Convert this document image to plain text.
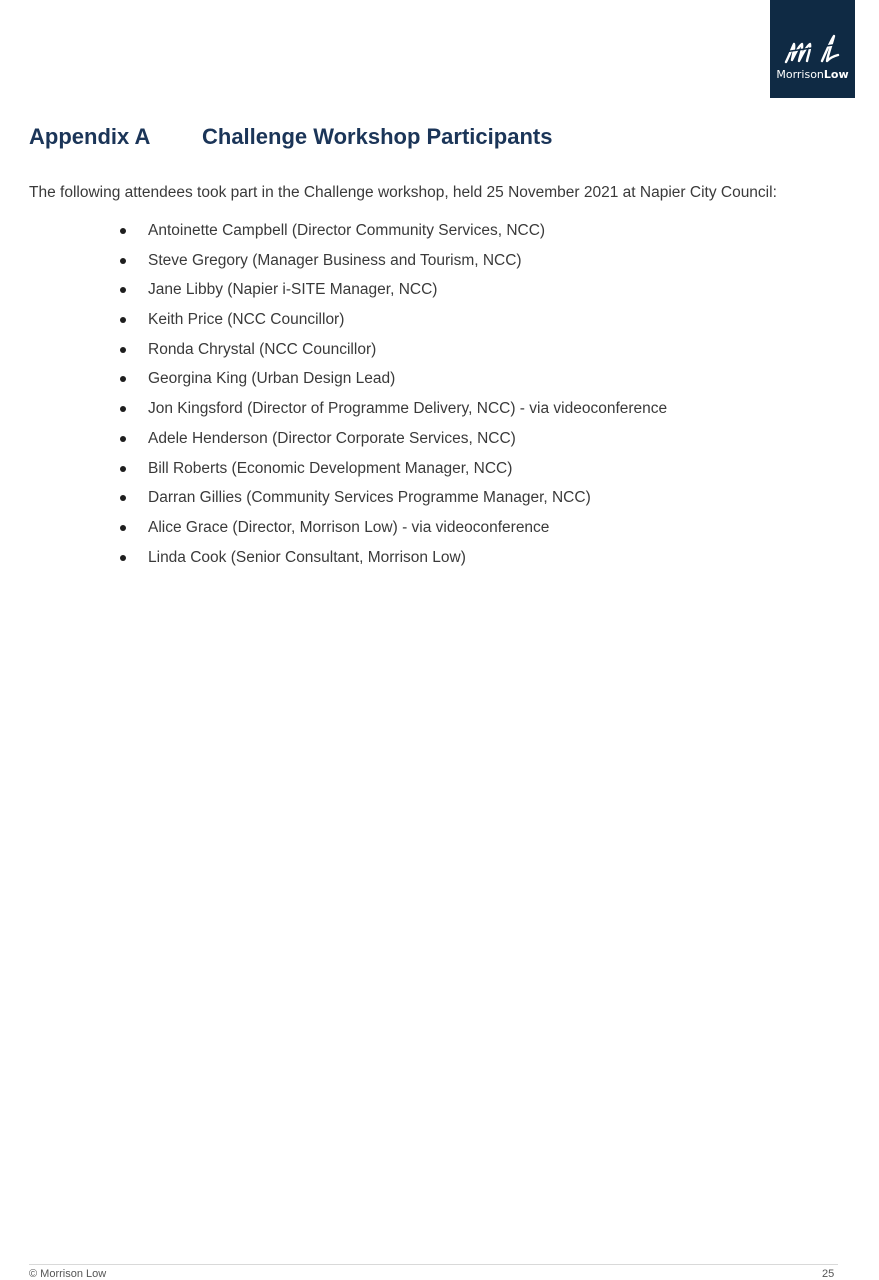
MorrisonLow
Appendix A Challenge Workshop Participants

The following attendees took part in the Challenge workshop, held 25 November 2021 at Napier City Council:

Antoinette Campbell (Director Community Services, NCC)
Steve Gregory (Manager Business and Tourism, NCC)
Jane Libby (Napier i-SITE Manager, NCC)
Keith Price (NCC Councillor)
Ronda Chrystal (NCC Councillor)
Georgina King (Urban Design Lead)
Jon Kingsford (Director of Programme Delivery, NCC) - via videoconference
Adele Henderson (Director Corporate Services, NCC)
Bill Roberts (Economic Development Manager, NCC)
Darran Gillies (Community Services Programme Manager, NCC)
Alice Grace (Director, Morrison Low) - via videoconference
Linda Cook (Senior Consultant, Morrison Low)
© Morrison Low	25
